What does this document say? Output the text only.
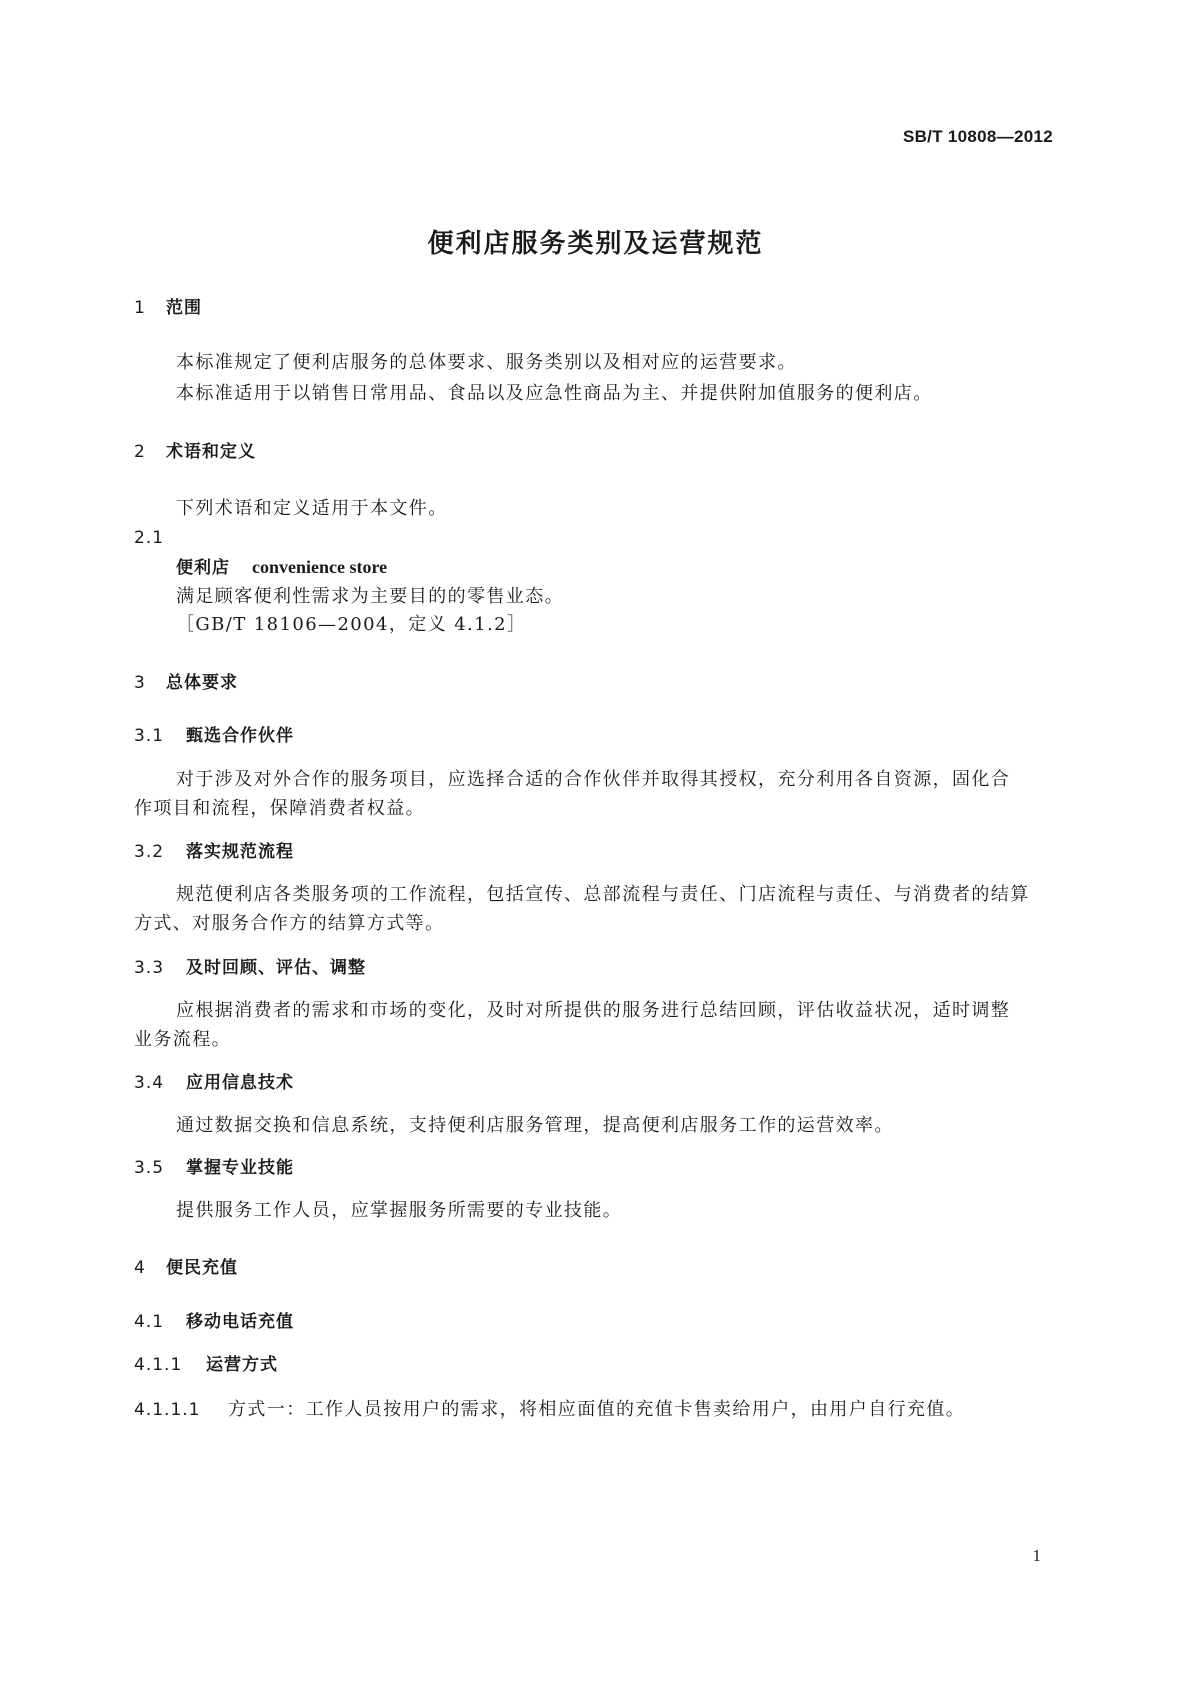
SB/T 10808—2012
便利店服务类别及运营规范
1 范围
本标准规定了便利店服务的总体要求、服务类别以及相对应的运营要求。
本标准适用于以销售日常用品、食品以及应急性商品为主、并提供附加值服务的便利店。
2 术语和定义
下列术语和定义适用于本文件。
2.1
便利店 convenience store
满足顾客便利性需求为主要目的的零售业态。
［GB/T 18106—2004，定义 4.1.2］
3 总体要求
3.1 甄选合作伙伴
对于涉及对外合作的服务项目，应选择合适的合作伙伴并取得其授权，充分利用各自资源，固化合
作项目和流程，保障消费者权益。
3.2 落实规范流程
规范便利店各类服务项的工作流程，包括宣传、总部流程与责任、门店流程与责任、与消费者的结算
方式、对服务合作方的结算方式等。
3.3 及时回顾、评估、调整
应根据消费者的需求和市场的变化，及时对所提供的服务进行总结回顾，评估收益状况，适时调整
业务流程。
3.4 应用信息技术
通过数据交换和信息系统，支持便利店服务管理，提高便利店服务工作的运营效率。
3.5 掌握专业技能
提供服务工作人员，应掌握服务所需要的专业技能。
4 便民充值
4.1 移动电话充值
4.1.1 运营方式
4.1.1.1 方式一：工作人员按用户的需求，将相应面值的充值卡售卖给用户，由用户自行充值。
1
